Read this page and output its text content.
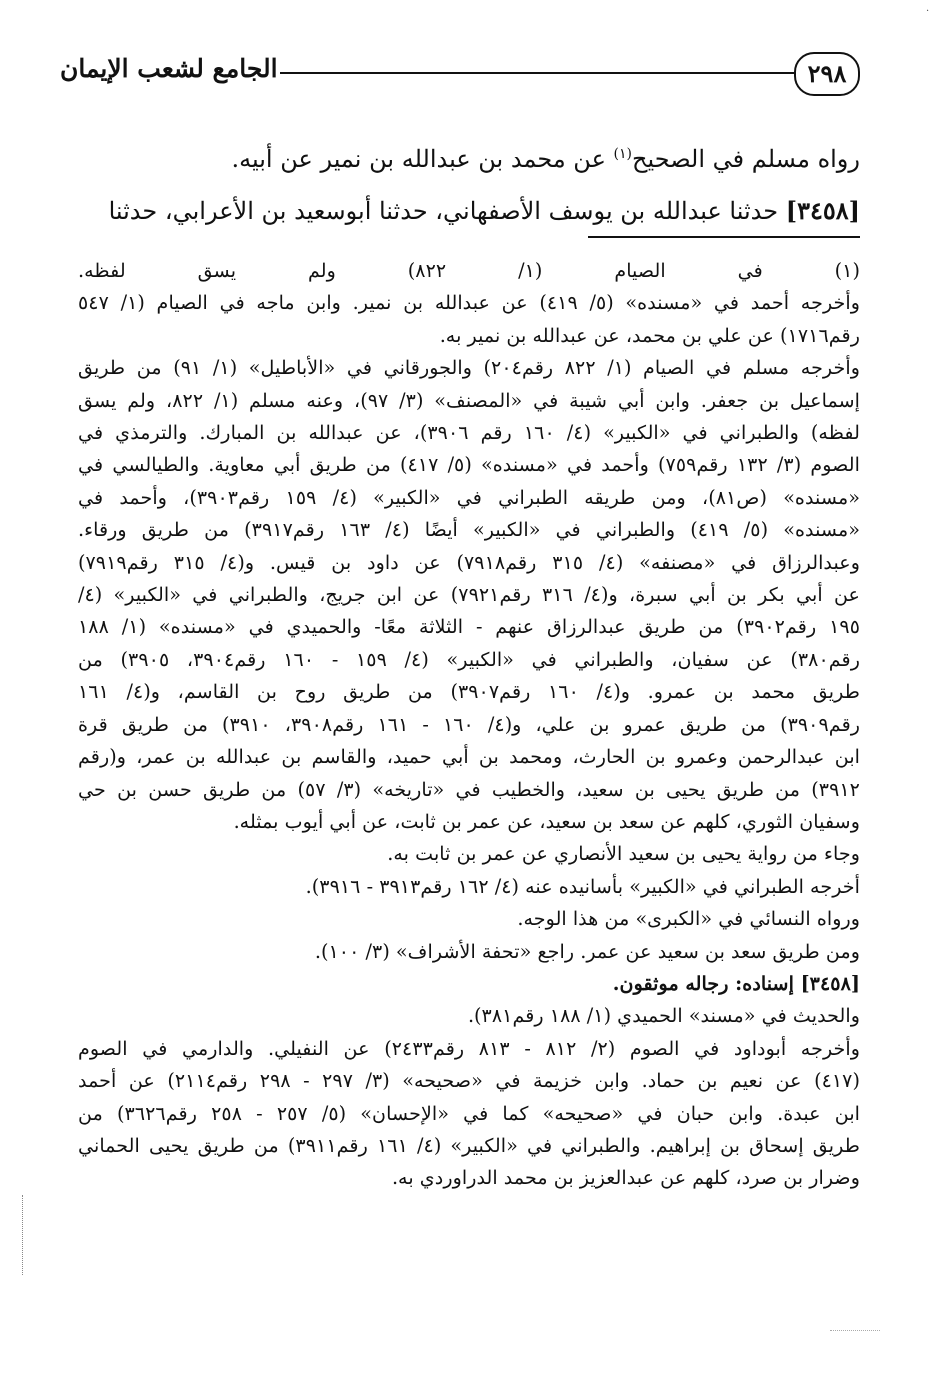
·
الجامع لشعب الإيمان	٢٩٨
رواه مسلم في الصحيح$^{(١)}$ عن محمد بن عبدالله بن نمير عن أبيه.
[٣٤٥٨] حدثنا عبدالله بن يوسف الأصفهاني، حدثنا أبوسعيد بن الأعرابي، حدثنا
(١) في الصيام (١/ ٨٢٢) ولم يسق لفظه.
وأخرجه أحمد في «مسنده» (٥/ ٤١٩) عن عبدالله بن نمير. وابن ماجه في الصيام (١/ ٥٤٧
رقم١٧١٦) عن علي بن محمد، عن عبدالله بن نمير به.
وأخرجه مسلم في الصيام (١/ ٨٢٢ رقم٢٠٤) والجورقاني في «الأباطيل» (١/ ٩١) من طريق
إسماعيل بن جعفر. وابن أبي شيبة في «المصنف» (٣/ ٩٧)، وعنه مسلم (١/ ٨٢٢، ولم يسق
لفظه) والطبراني في «الكبير» (٤/ ١٦٠ رقم ٣٩٠٦)، عن عبدالله بن المبارك. والترمذي في
الصوم (٣/ ١٣٢ رقم٧٥٩) وأحمد في «مسنده» (٥/ ٤١٧) من طريق أبي معاوية. والطيالسي في
«مسنده» (ص٨١)، ومن طريقه الطبراني في «الكبير» (٤/ ١٥٩ رقم٣٩٠٣)، وأحمد في
«مسنده» (٥/ ٤١٩) والطبراني في «الكبير» أيضًا (٤/ ١٦٣ رقم٣٩١٧) من طريق ورقاء.
وعبدالرزاق في «مصنفه» (٤/ ٣١٥ رقم٧٩١٨) عن داود بن قيس. و(٤/ ٣١٥ رقم٧٩١٩)
عن أبي بكر بن أبي سبرة، و(٤/ ٣١٦ رقم٧٩٢١) عن ابن جريج، والطبراني في «الكبير» (٤/
١٩٥ رقم٣٩٠٢) من طريق عبدالرزاق عنهم - الثلاثة معًا- والحميدي في «مسنده» (١/ ١٨٨
رقم٣٨٠) عن سفيان، والطبراني في «الكبير» (٤/ ١٥٩ - ١٦٠ رقم٣٩٠٤، ٣٩٠٥) من
طريق محمد بن عمرو. و(٤/ ١٦٠ رقم٣٩٠٧) من طريق روح بن القاسم، و(٤/ ١٦١
رقم٣٩٠٩) من طريق عمرو بن علي، و(٤/ ١٦٠ - ١٦١ رقم٣٩٠٨، ٣٩١٠) من طريق قرة
ابن عبدالرحمن وعمرو بن الحارث، ومحمد بن أبي حميد، والقاسم بن عبدالله بن عمر، و(رقم
٣٩١٢) من طريق يحيى بن سعيد، والخطيب في «تاريخه» (٣/ ٥٧) من طريق حسن بن حي
وسفيان الثوري، كلهم عن سعد بن سعيد، عن عمر بن ثابت، عن أبي أيوب بمثله.
وجاء من رواية يحيى بن سعيد الأنصاري عن عمر بن ثابت به.
أخرجه الطبراني في «الكبير» بأسانيده عنه (٤/ ١٦٢ رقم٣٩١٣ - ٣٩١٦).
ورواه النسائي في «الكبرى» من هذا الوجه.
ومن طريق سعد بن سعيد عن عمر. راجع «تحفة الأشراف» (٣/ ١٠٠).
[٣٤٥٨] إسناده: رجاله موثقون.
والحديث في «مسند» الحميدي (١/ ١٨٨ رقم٣٨١).
وأخرجه أبوداود في الصوم (٢/ ٨١٢ - ٨١٣ رقم٢٤٣٣) عن النفيلي. والدارمي في الصوم
(٤١٧) عن نعيم بن حماد. وابن خزيمة في «صحيحه» (٣/ ٢٩٧ - ٢٩٨ رقم٢١١٤) عن أحمد
ابن عبدة. وابن حبان في «صحيحه» كما في «الإحسان» (٥/ ٢٥٧ - ٢٥٨ رقم٣٦٢٦) من
طريق إسحاق بن إبراهيم. والطبراني في «الكبير» (٤/ ١٦١ رقم٣٩١١) من طريق يحيى الحماني
وضرار بن صرد، كلهم عن عبدالعزيز بن محمد الدراوردي به.
